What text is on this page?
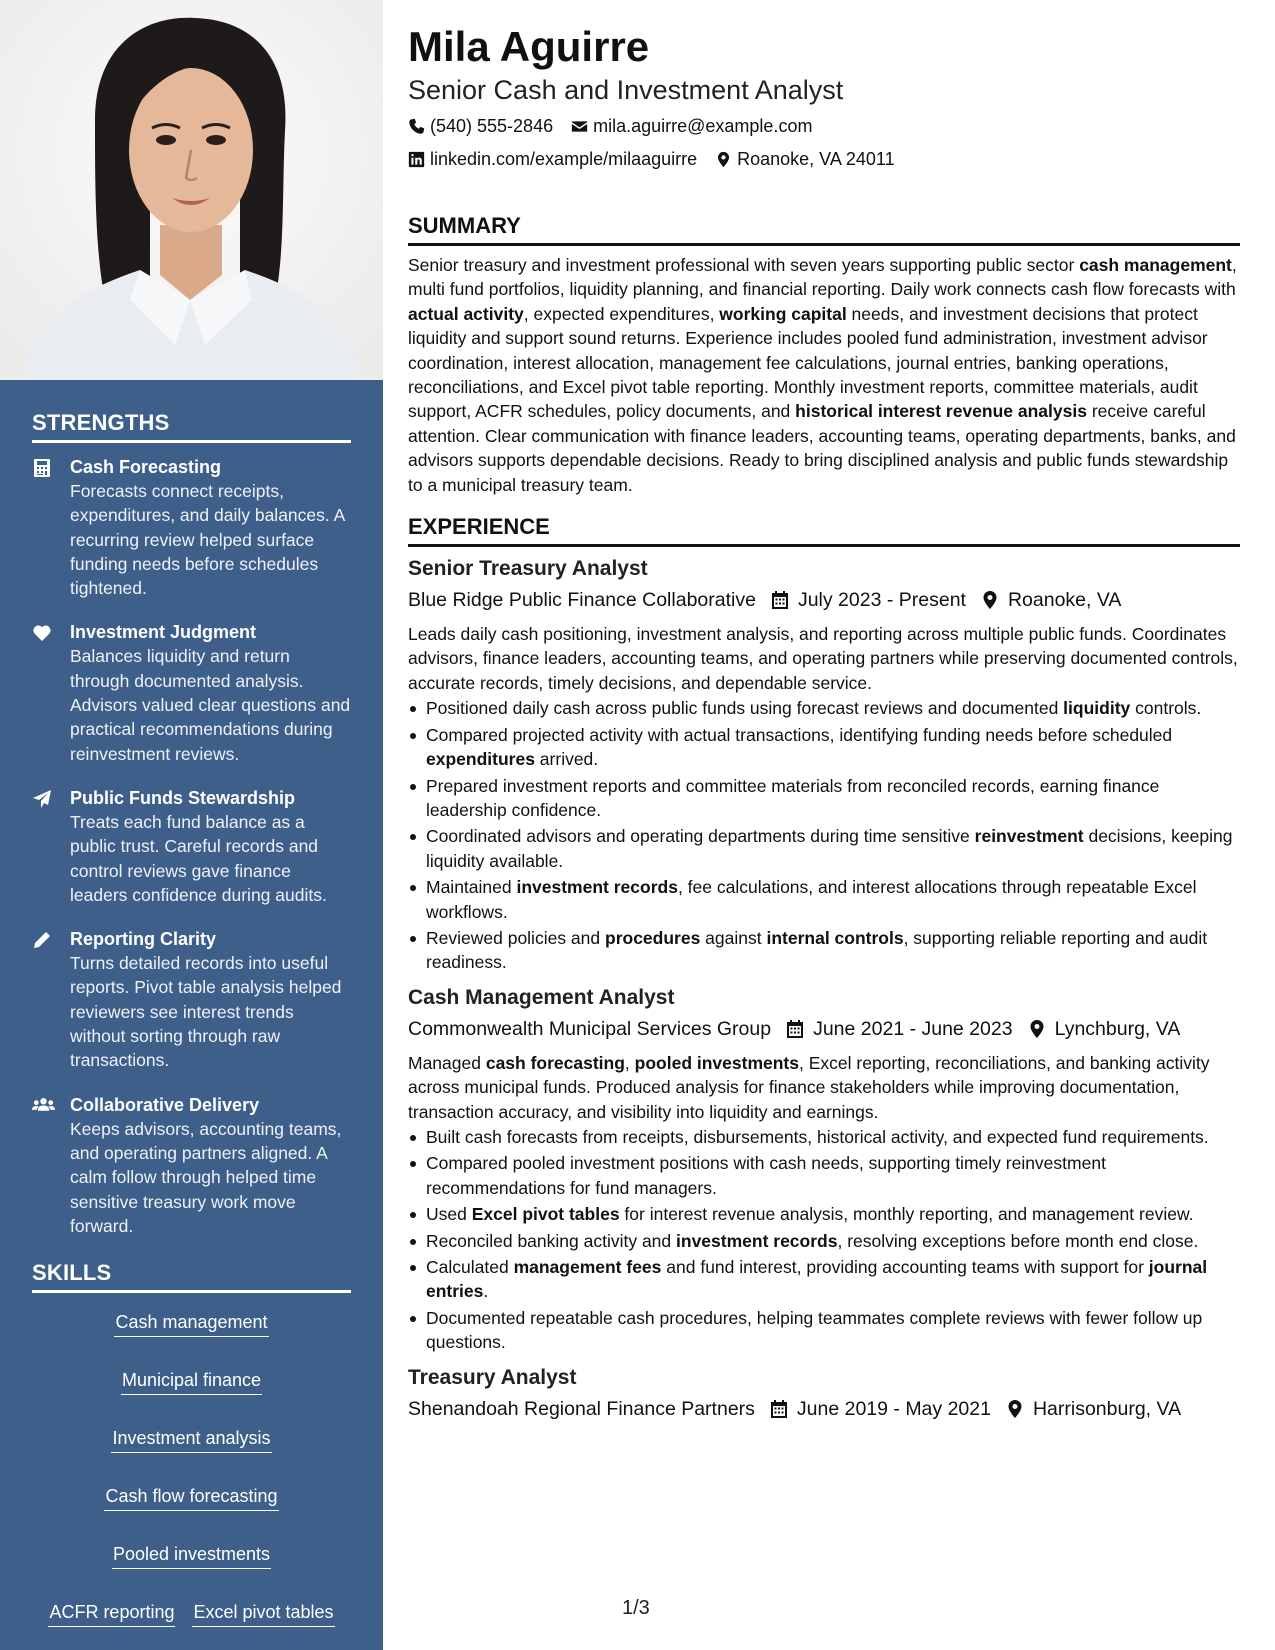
STRENGTHS
Cash Forecasting
Forecasts connect receipts, expenditures, and daily balances. A recurring review helped surface funding needs before schedules tightened.
Investment Judgment
Balances liquidity and return through documented analysis. Advisors valued clear questions and practical recommendations during reinvestment reviews.
Public Funds Stewardship
Treats each fund balance as a public trust. Careful records and control reviews gave finance leaders confidence during audits.
Reporting Clarity
Turns detailed records into useful reports. Pivot table analysis helped reviewers see interest trends without sorting through raw transactions.
Collaborative Delivery
Keeps advisors, accounting teams, and operating partners aligned. A calm follow through helped time sensitive treasury work move forward.
SKILLS
Cash management
Municipal finance
Investment analysis
Cash flow forecasting
Pooled investments
ACFR reporting Excel pivot tables
Mila Aguirre
Senior Cash and Investment Analyst
(540) 555-2846 mila.aguirre@example.com
linkedin.com/example/milaaguirre Roanoke, VA 24011
SUMMARY
Senior treasury and investment professional with seven years supporting public sector cash management, multi fund portfolios, liquidity planning, and financial reporting. Daily work connects cash flow forecasts with actual activity, expected expenditures, working capital needs, and investment decisions that protect liquidity and support sound returns. Experience includes pooled fund administration, investment advisor coordination, interest allocation, management fee calculations, journal entries, banking operations, reconciliations, and Excel pivot table reporting. Monthly investment reports, committee materials, audit support, ACFR schedules, policy documents, and historical interest revenue analysis receive careful attention. Clear communication with finance leaders, accounting teams, operating departments, banks, and advisors supports dependable decisions. Ready to bring disciplined analysis and public funds stewardship to a municipal treasury team.
EXPERIENCE
Senior Treasury Analyst
Blue Ridge Public Finance Collaborative July 2023 - Present Roanoke, VA
Leads daily cash positioning, investment analysis, and reporting across multiple public funds. Coordinates advisors, finance leaders, accounting teams, and operating partners while preserving documented controls, accurate records, timely decisions, and dependable service.
Positioned daily cash across public funds using forecast reviews and documented liquidity controls.
Compared projected activity with actual transactions, identifying funding needs before scheduled expenditures arrived.
Prepared investment reports and committee materials from reconciled records, earning finance leadership confidence.
Coordinated advisors and operating departments during time sensitive reinvestment decisions, keeping liquidity available.
Maintained investment records, fee calculations, and interest allocations through repeatable Excel workflows.
Reviewed policies and procedures against internal controls, supporting reliable reporting and audit readiness.
Cash Management Analyst
Commonwealth Municipal Services Group June 2021 - June 2023 Lynchburg, VA
Managed cash forecasting, pooled investments, Excel reporting, reconciliations, and banking activity across municipal funds. Produced analysis for finance stakeholders while improving documentation, transaction accuracy, and visibility into liquidity and earnings.
Built cash forecasts from receipts, disbursements, historical activity, and expected fund requirements.
Compared pooled investment positions with cash needs, supporting timely reinvestment recommendations for fund managers.
Used Excel pivot tables for interest revenue analysis, monthly reporting, and management review.
Reconciled banking activity and investment records, resolving exceptions before month end close.
Calculated management fees and fund interest, providing accounting teams with support for journal entries.
Documented repeatable cash procedures, helping teammates complete reviews with fewer follow up questions.
Treasury Analyst
Shenandoah Regional Finance Partners June 2019 - May 2021 Harrisonburg, VA
1/3
